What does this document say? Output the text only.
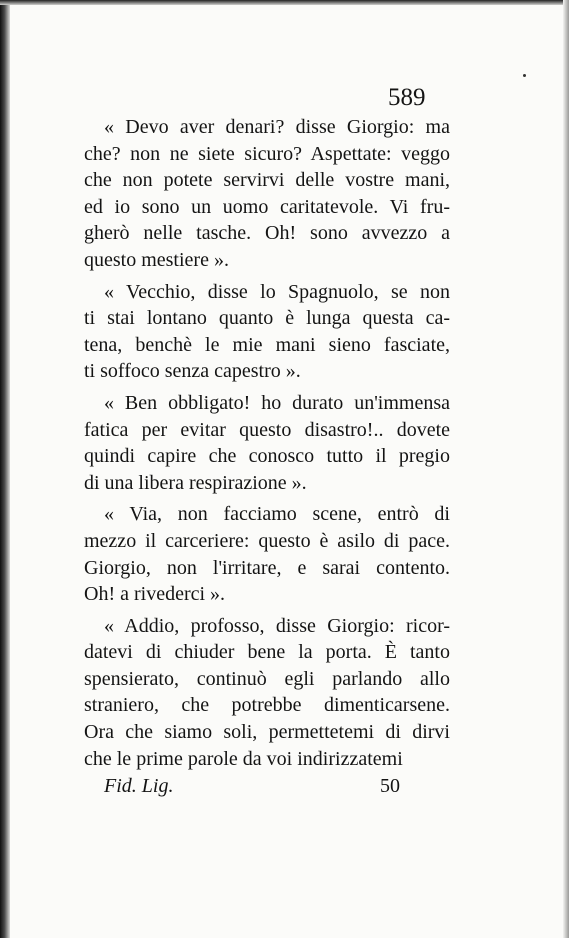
589
« Devo aver denari? disse Giorgio: ma
che? non ne siete sicuro? Aspettate: veggo
che non potete servirvi delle vostre mani,
ed io sono un uomo caritatevole. Vi fru-
gherò nelle tasche. Oh! sono avvezzo a
questo mestiere ».
« Vecchio, disse lo Spagnuolo, se non
ti stai lontano quanto è lunga questa ca-
tena, benchè le mie mani sieno fasciate,
ti soffoco senza capestro ».
« Ben obbligato! ho durato un'immensa
fatica per evitar questo disastro!.. dovete
quindi capire che conosco tutto il pregio
di una libera respirazione ».
« Via, non facciamo scene, entrò di
mezzo il carceriere: questo è asilo di pace.
Giorgio, non l'irritare, e sarai contento.
Oh! a rivederci ».
« Addio, profosso, disse Giorgio: ricor-
datevi di chiuder bene la porta. È tanto
spensierato, continuò egli parlando allo
straniero, che potrebbe dimenticarsene.
Ora che siamo soli, permettetemi di dirvi
che le prime parole da voi indirizzatemi
Fid. Lig.	50
